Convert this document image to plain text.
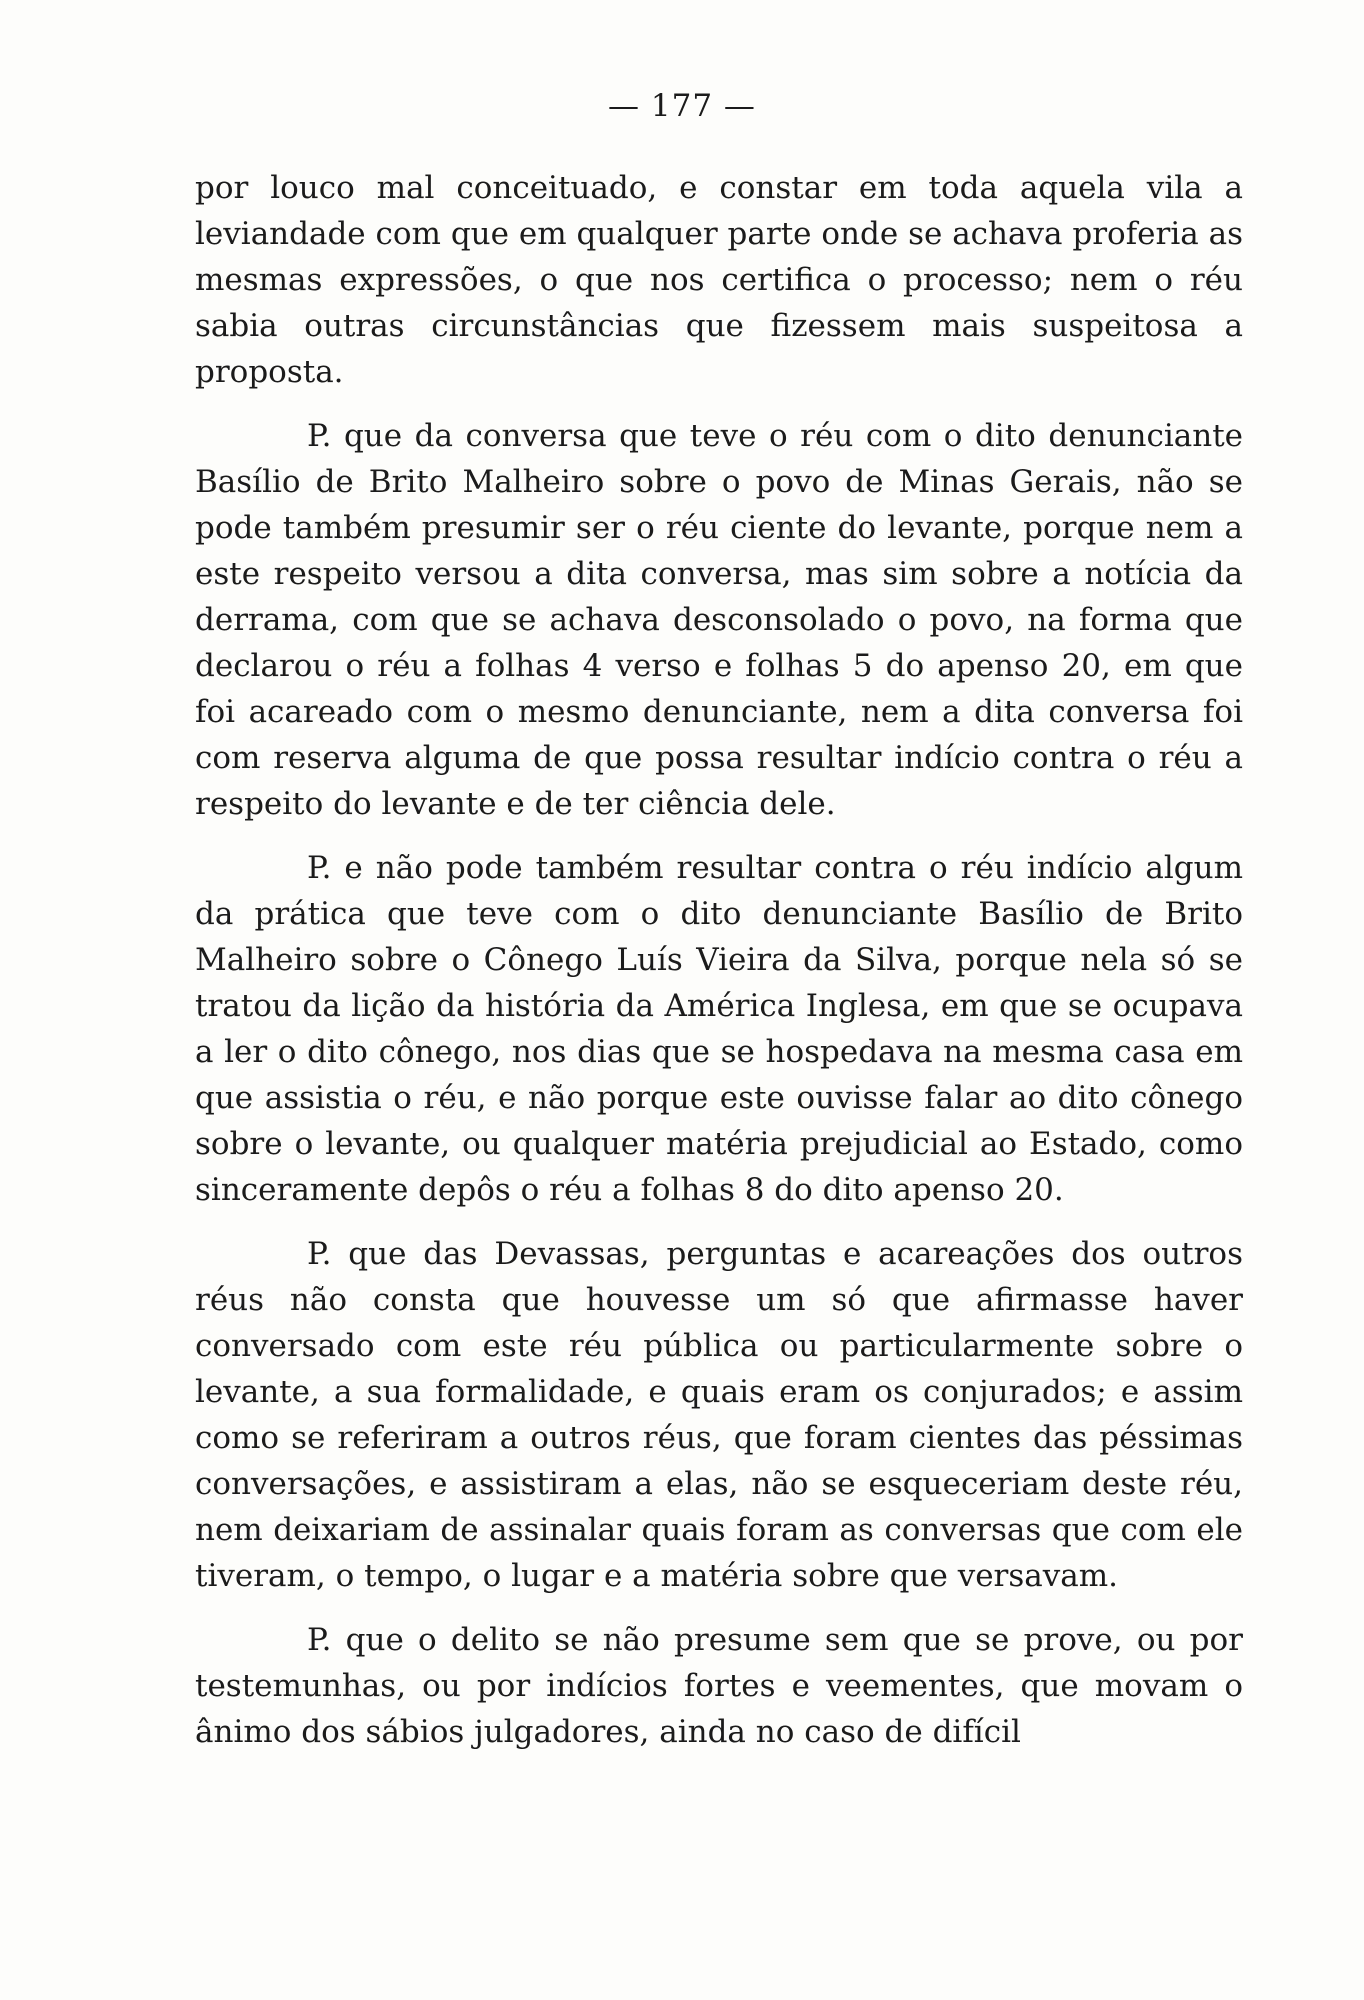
— 177 —

por louco mal conceituado, e constar em toda aquela vila a leviandade com que em qualquer parte onde se achava proferia as mesmas expressões, o que nos certifica o processo; nem o réu sabia outras circunstâncias que fizessem mais suspeitosa a proposta.

P. que da conversa que teve o réu com o dito denunciante Basílio de Brito Malheiro sobre o povo de Minas Gerais, não se pode também presumir ser o réu ciente do levante, porque nem a este respeito versou a dita conversa, mas sim sobre a notícia da derrama, com que se achava desconsolado o povo, na forma que declarou o réu a folhas 4 verso e folhas 5 do apenso 20, em que foi acareado com o mesmo denunciante, nem a dita conversa foi com reserva alguma de que possa resultar indício contra o réu a respeito do levante e de ter ciência dele.

P. e não pode também resultar contra o réu indício algum da prática que teve com o dito denunciante Basílio de Brito Malheiro sobre o Cônego Luís Vieira da Silva, porque nela só se tratou da lição da história da América Inglesa, em que se ocupava a ler o dito cônego, nos dias que se hospedava na mesma casa em que assistia o réu, e não porque este ouvisse falar ao dito cônego sobre o levante, ou qualquer matéria prejudicial ao Estado, como sinceramente depôs o réu a folhas 8 do dito apenso 20.

P. que das Devassas, perguntas e acareações dos outros réus não consta que houvesse um só que afirmasse haver conversado com este réu pública ou particularmente sobre o levante, a sua formalidade, e quais eram os conjurados; e assim como se referiram a outros réus, que foram cientes das péssimas conversações, e assistiram a elas, não se esqueceriam deste réu, nem deixariam de assinalar quais foram as conversas que com ele tiveram, o tempo, o lugar e a matéria sobre que versavam.

P. que o delito se não presume sem que se prove, ou por testemunhas, ou por indícios fortes e veementes, que movam o ânimo dos sábios julgadores, ainda no caso de difícil
